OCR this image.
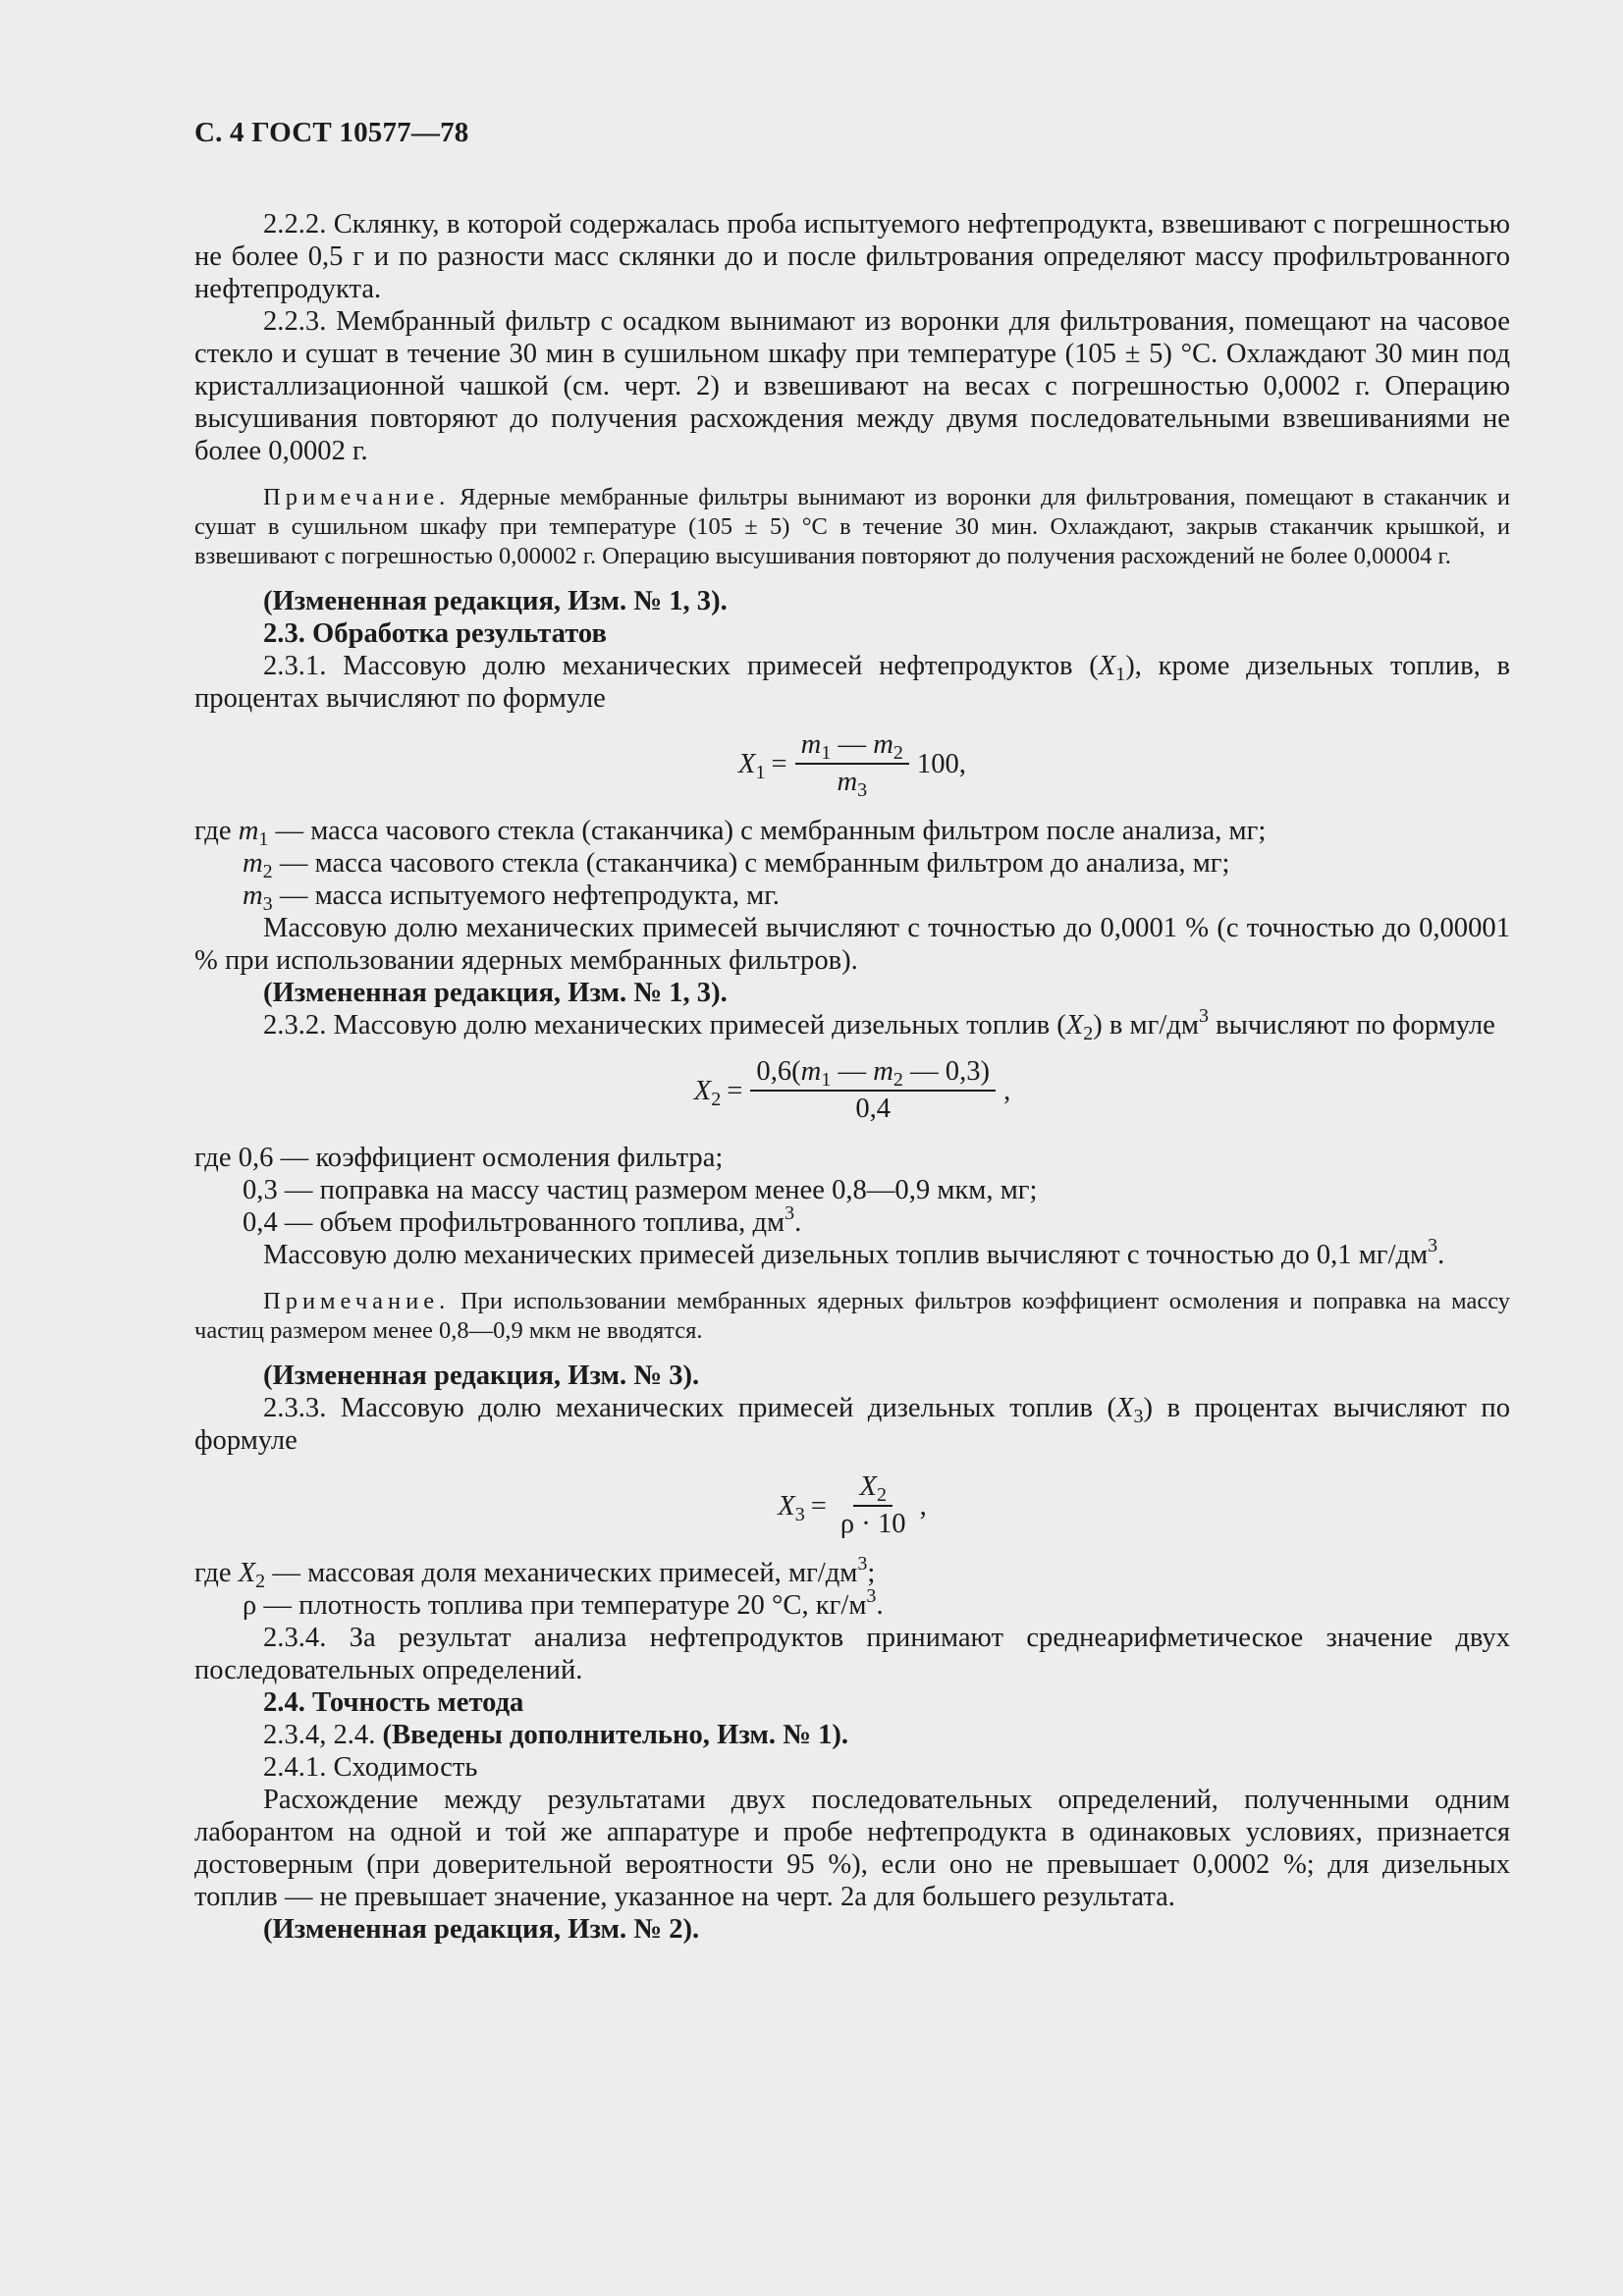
С. 4 ГОСТ 10577—78

2.2.2. Склянку, в которой содержалась проба испытуемого нефтепродукта, взвешивают с погрешностью не более 0,5 г и по разности масс склянки до и после фильтрования определяют массу профильтрованного нефтепродукта.

2.2.3. Мембранный фильтр с осадком вынимают из воронки для фильтрования, помещают на часовое стекло и сушат в течение 30 мин в сушильном шкафу при температуре (105 ± 5) °С. Охлаждают 30 мин под кристаллизационной чашкой (см. черт. 2) и взвешивают на весах с погрешностью 0,0002 г. Операцию высушивания повторяют до получения расхождения между двумя последовательными взвешиваниями не более 0,0002 г.

Примечание. Ядерные мембранные фильтры вынимают из воронки для фильтрования, помещают в стаканчик и сушат в сушильном шкафу при температуре (105 ± 5) °С в течение 30 мин. Охлаждают, закрыв стаканчик крышкой, и взвешивают с погрешностью 0,00002 г. Операцию высушивания повторяют до получения расхождений не более 0,00004 г.

(Измененная редакция, Изм. № 1, 3).

2.3. Обработка результатов

2.3.1. Массовую долю механических примесей нефтепродуктов $(X_1)$, кроме дизельных топлив, в процентах вычисляют по формуле

$X_1 = \frac{m_1 — m_2}{m_3} 100$,

где $m_1$ — масса часового стекла (стаканчика) с мембранным фильтром после анализа, мг;

$m_2$ — масса часового стекла (стаканчика) с мембранным фильтром до анализа, мг;

$m_3$ — масса испытуемого нефтепродукта, мг.

Массовую долю механических примесей вычисляют с точностью до 0,0001 % (с точностью до 0,00001 % при использовании ядерных мембранных фильтров).

(Измененная редакция, Изм. № 1, 3).

2.3.2. Массовую долю механических примесей дизельных топлив $(X_2)$ в $мг/дм^3$ вычисляют по формуле

$X_2 = \frac{0,6(m_1 — m_2 — 0,3)}{0,4}$ ,

где 0,6 — коэффициент осмоления фильтра;

0,3 — поправка на массу частиц размером менее 0,8—0,9 мкм, мг;

0,4 — объем профильтрованного топлива, $дм^3$.

Массовую долю механических примесей дизельных топлив вычисляют с точностью до 0,1 $мг/дм^3$.

Примечание. При использовании мембранных ядерных фильтров коэффициент осмоления и поправка на массу частиц размером менее 0,8—0,9 мкм не вводятся.

(Измененная редакция, Изм. № 3).

2.3.3. Массовую долю механических примесей дизельных топлив $(X_3)$ в процентах вычисляют по формуле

$X_3 = \frac{X_2}{\rho \cdot 10}$ ,

где $X_2$ — массовая доля механических примесей, $мг/дм^3$;

ρ — плотность топлива при температуре 20 °С, $кг/м^3$.

2.3.4. За результат анализа нефтепродуктов принимают среднеарифметическое значение двух последовательных определений.

2.4. Точность метода

2.3.4, 2.4. (Введены дополнительно, Изм. № 1).

2.4.1. Сходимость

Расхождение между результатами двух последовательных определений, полученными одним лаборантом на одной и той же аппаратуре и пробе нефтепродукта в одинаковых условиях, признается достоверным (при доверительной вероятности 95 %), если оно не превышает 0,0002 %; для дизельных топлив — не превышает значение, указанное на черт. 2а для большего результата.

(Измененная редакция, Изм. № 2).
